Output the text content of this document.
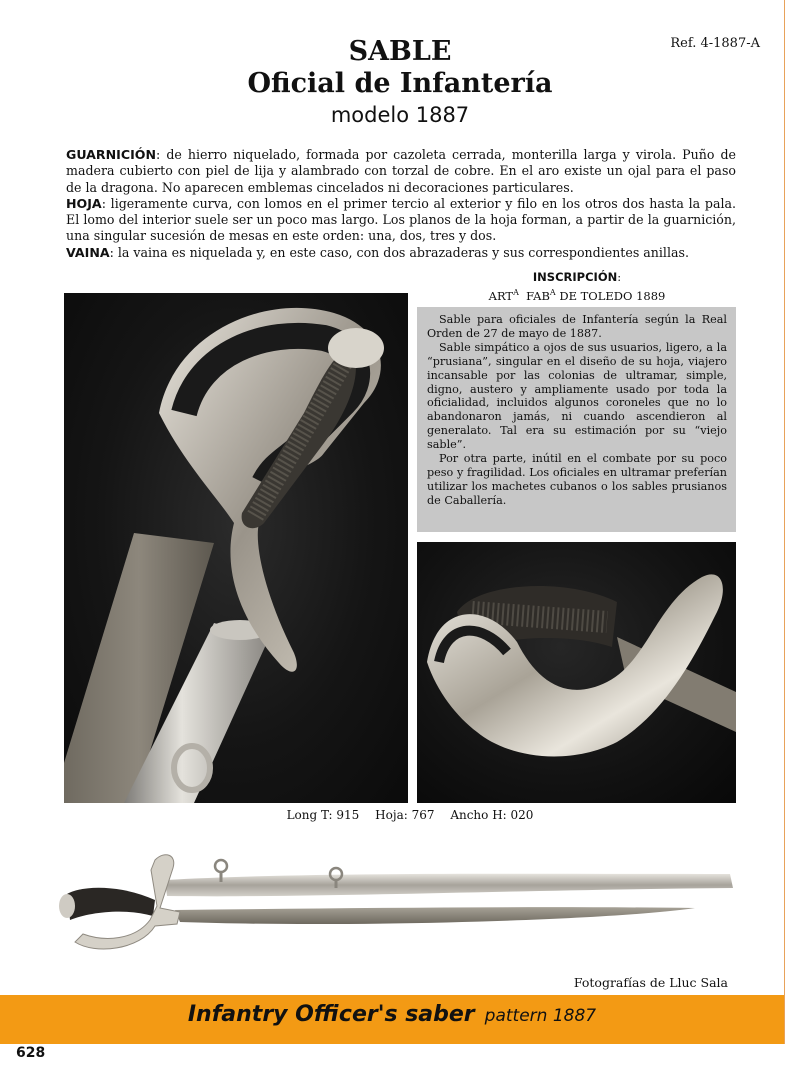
Ref. 4-1887-A
SABLE
Oficial de Infantería
modelo 1887
GUARNICIÓN: de hierro niquelado, formada por cazoleta cerrada, monterilla larga y virola. Puño de madera cubierto con piel de lija y alambrado con torzal de cobre. En el aro existe un ojal para el paso de la dragona. No aparecen emblemas cincelados ni decoraciones particulares.
HOJA: ligeramente curva, con lomos en el primer tercio al exterior y filo en los otros dos hasta la pala. El lomo del interior suele ser un poco mas largo. Los planos de la hoja forman, a partir de la guarnición, una singular sucesión de mesas en este orden: una, dos, tres y dos.
VAINA: la vaina es niquelada y, en este caso, con dos abrazaderas y sus correspondientes anillas.
INSCRIPCIÓN:
$ART^A$ $FAB^A$ DE TOLEDO 1889

Sable para oficiales de Infantería según la Real Orden de 27 de mayo de 1887.

Sable simpático a ojos de sus usuarios, ligero, a la “prusiana”, singular en el diseño de su hoja, viajero incansable por las colonias de ultramar, simple, digno, austero y ampliamente usado por toda la oficialidad, incluidos algunos coroneles que no lo abandonaron jamás, ni cuando ascendieron al generalato. Tal era su estimación por su “viejo sable”.

Por otra parte, inútil en el combate por su poco peso y fragilidad. Los oficiales en ultramar preferían utilizar los machetes cubanos o los sables prusianos de Caballería.

Long T: 915 Hoja: 767 Ancho H: 020
Fotografías de Lluc Sala
Infantry Officer's saber pattern 1887
628
